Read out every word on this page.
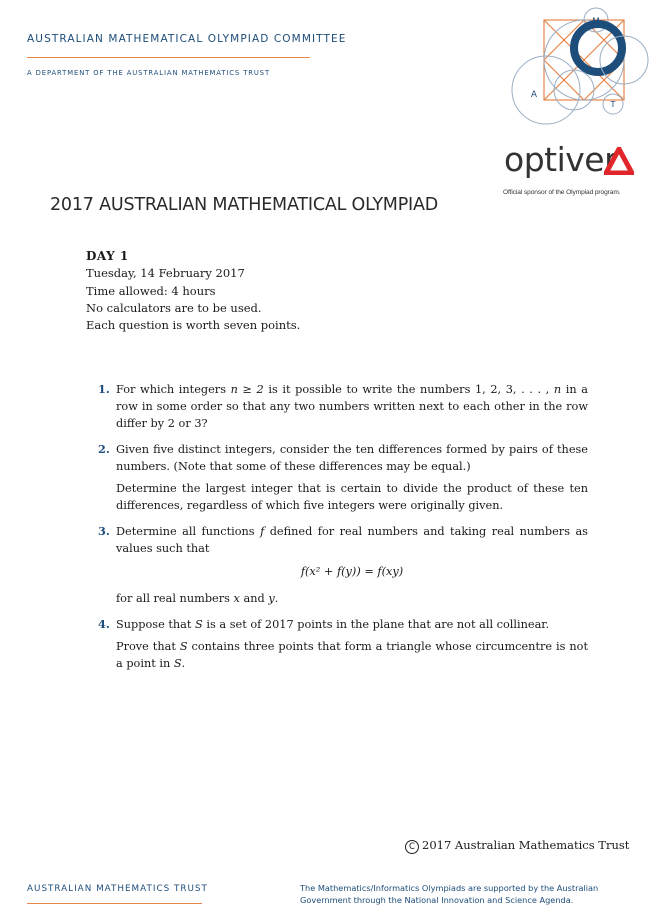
AUSTRALIAN MATHEMATICAL OLYMPIAD COMMITTEE
A DEPARTMENT OF THE AUSTRALIAN MATHEMATICS TRUST
M
A
T
optiver
Official sponsor of the Olympiad program.
2017 AUSTRALIAN MATHEMATICAL OLYMPIAD
DAY 1
Tuesday, 14 February 2017
Time allowed: 4 hours
No calculators are to be used.
Each question is worth seven points.
1. For which integers n ≥ 2 is it possible to write the numbers 1, 2, 3, . . . , n in a row in some order so that any two numbers written next to each other in the row differ by 2 or 3?

2. Given five distinct integers, consider the ten differences formed by pairs of these numbers. (Note that some of these differences may be equal.)

Determine the largest integer that is certain to divide the product of these ten differences, regardless of which five integers were originally given.

3. Determine all functions f defined for real numbers and taking real numbers as values such that

f(x² + f(y)) = f(xy)

for all real numbers x and y.

4. Suppose that S is a set of 2017 points in the plane that are not all collinear.

Prove that S contains three points that form a triangle whose circumcentre is not a point in S.

C 2017 Australian Mathematics Trust
AUSTRALIAN MATHEMATICS TRUST	The Mathematics/Informatics Olympiads are supported by the Australian Government through the National Innovation and Science Agenda.
